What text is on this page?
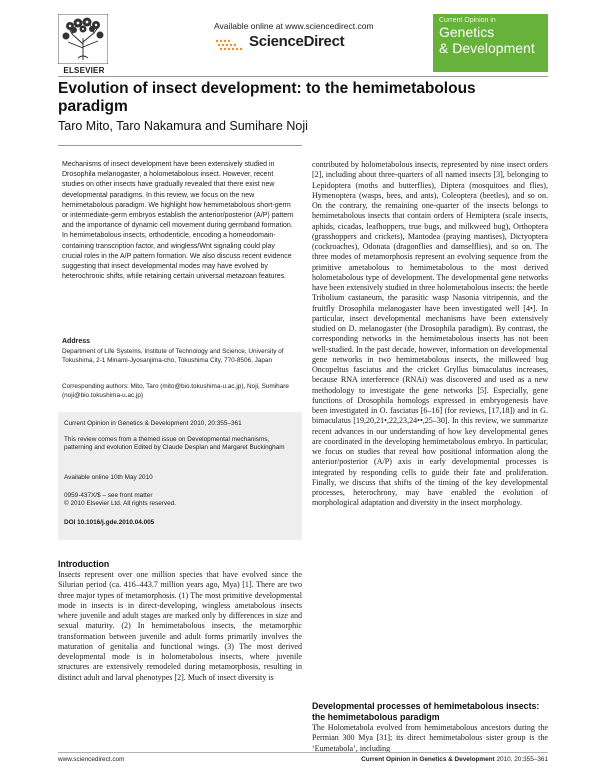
ELSEVIER
Available online at www.sciencedirect.com
ScienceDirect
Current Opinion in
Genetics
& Development
Evolution of insect development: to the hemimetabolous paradigm
Taro Mito, Taro Nakamura and Sumihare Noji
Mechanisms of insect development have been extensively studied in Drosophila melanogaster, a holometabolous insect. However, recent studies on other insects have gradually revealed that there exist new developmental paradigms. In this review, we focus on the new hemimetabolous paradigm. We highlight how hemimetabolous short-germ or intermediate-germ embryos establish the anterior/posterior (A/P) pattern and the importance of dynamic cell movement during germband formation. In hemimetabolous insects, orthodenticle, encoding a homeodomain-containing transcription factor, and wingless/Wnt signaling could play crucial roles in the A/P pattern formation. We also discuss recent evidence suggesting that insect developmental modes may have evolved by heterochronic shifts, while retaining certain universal metazoan features.
Address
Department of Life Systems, Institute of Technology and Science, University of Tokushima, 2-1 Minami-Jyosanjima-cho, Tokushima City, 770-8506, Japan
Corresponding authors: Mito, Taro (mito@bio.tokushima-u.ac.jp), Noji, Sumihare (noji@bio.tokushima-u.ac.jp)
Current Opinion in Genetics & Development 2010, 20:355–361
This review comes from a themed issue on Developmental mechanisms, patterning and evolution Edited by Claude Desplan and Margaret Buckingham
Available online 10th May 2010
0959-437X/$ – see front matter
© 2010 Elsevier Ltd. All rights reserved.
DOI 10.1016/j.gde.2010.04.005
Introduction
Insects represent over one million species that have evolved since the Silurian period (ca. 416–443.7 million years ago, Mya) [1]. There are two three major types of metamorphosis. (1) The most primitive developmental mode in insects is in direct-developing, wingless ametabolous insects where juvenile and adult stages are marked only by differences in size and sexual maturity. (2) In hemimetabolous insects, the metamorphic transformation between juvenile and adult forms primarily involves the maturation of genitalia and functional wings. (3) The most derived developmental mode is in holometabolous insects, where juvenile structures are extensively remodeled during metamorphosis, resulting in distinct adult and larval phenotypes [2]. Much of insect diversity is
contributed by holometabolous insects, represented by nine insect orders [2], including about three-quarters of all named insects [3], belonging to Lepidoptera (moths and butterflies), Diptera (mosquitoes and flies), Hymenoptera (wasps, bees, and ants), Coleoptera (beetles), and so on. On the contrary, the remaining one-quarter of the insects belongs to hemimetabolous insects that contain orders of Hemiptera (scale insects, aphids, cicadas, leafhoppers, true bugs, and milkweed bug), Orthoptera (grasshoppers and crickets), Mantodea (praying mantises), Dictyoptera (cockroaches), Odonata (dragonflies and damselflies), and so on. The three modes of metamorphosis represent an evolving sequence from the primitive ametabolous to hemimetabolous to the most derived holometabolous type of development. The developmental gene networks have been extensively studied in three holometabolous insects: the beetle Tribolium castaneum, the parasitic wasp Nasonia vitripennis, and the fruitfly Drosophila melanogaster have been investigated well [4•]. In particular, insect developmental mechanisms have been extensively studied on D. melanogaster (the Drosophila paradigm). By contrast, the corresponding networks in the hemimetabolous insects has not been well-studied. In the past decade, however, information on developmental gene networks in two hemimetabolous insects, the milkweed bug Oncopeltus fasciatus and the cricket Gryllus bimaculatus increases, because RNA interference (RNAi) was discovered and used as a new methodology to investigate the gene networks [5]. Especially, gene functions of Drosophila homologs expressed in embryogenesis have been investigated in O. fasciatus [6–16] (for reviews, [17,18]) and in G. bimaculatus [19,20,21•,22,23,24••,25–30]. In this review, we summarize recent advances in our understanding of how key developmental genes are coordinated in the developing hemimetabolous embryo. In particular, we focus on studies that reveal how positional information along the anterior/posterior (A/P) axis in early developmental processes is integrated by responding cells to guide their fate and proliferation. Finally, we discuss that shifts of the timing of the key developmental processes, heterochrony, may have enabled the evolution of morphological adaptation and diversity in the insect morphology.
Developmental processes of hemimetabolous insects: the hemimetabolous paradigm
The Holometabola evolved from hemimetabolous ancestors during the Permian 300 Mya [31]; its direct hemimetabolous sister group is the ‘Eumetabola’, including
www.sciencedirect.com	Current Opinion in Genetics & Development 2010, 20:355–361
